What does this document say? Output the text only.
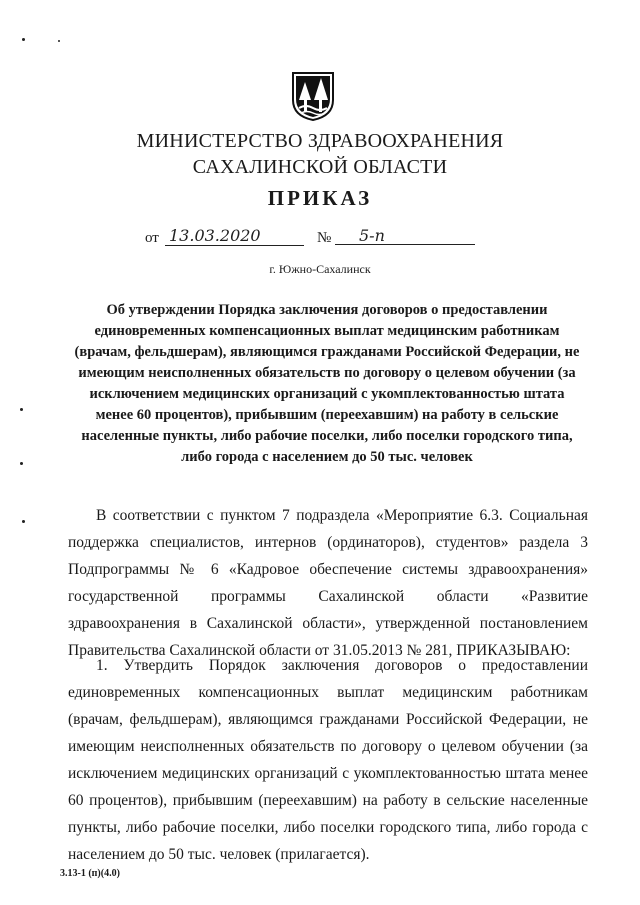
МИНИСТЕРСТВО ЗДРАВООХРАНЕНИЯ
САХАЛИНСКОЙ ОБЛАСТИ
ПРИКАЗ
от 13.03.2020	№	5-п
г. Южно-Сахалинск
Об утверждении Порядка заключения договоров о предоставлении единовременных компенсационных выплат медицинским работникам (врачам, фельдшерам), являющимся гражданами Российской Федерации, не имеющим неисполненных обязательств по договору о целевом обучении (за исключением медицинских организаций с укомплектованностью штата менее 60 процентов), прибывшим (переехавшим) на работу в сельские населенные пункты, либо рабочие поселки, либо поселки городского типа, либо города с населением до 50 тыс. человек
В соответствии с пунктом 7 подраздела «Мероприятие 6.3. Социальная поддержка специалистов, интернов (ординаторов), студентов» раздела 3 Подпрограммы № 6 «Кадровое обеспечение системы здравоохранения» государственной программы Сахалинской области «Развитие здравоохранения в Сахалинской области», утвержденной постановлением Правительства Сахалинской области от 31.05.2013 № 281, ПРИКАЗЫВАЮ:
1. Утвердить Порядок заключения договоров о предоставлении единовременных компенсационных выплат медицинским работникам (врачам, фельдшерам), являющимся гражданами Российской Федерации, не имеющим неисполненных обязательств по договору о целевом обучении (за исключением медицинских организаций с укомплектованностью штата менее 60 процентов), прибывшим (переехавшим) на работу в сельские населенные пункты, либо рабочие поселки, либо поселки городского типа, либо города с населением до 50 тыс. человек (прилагается).
3.13-1 (п)(4.0)
